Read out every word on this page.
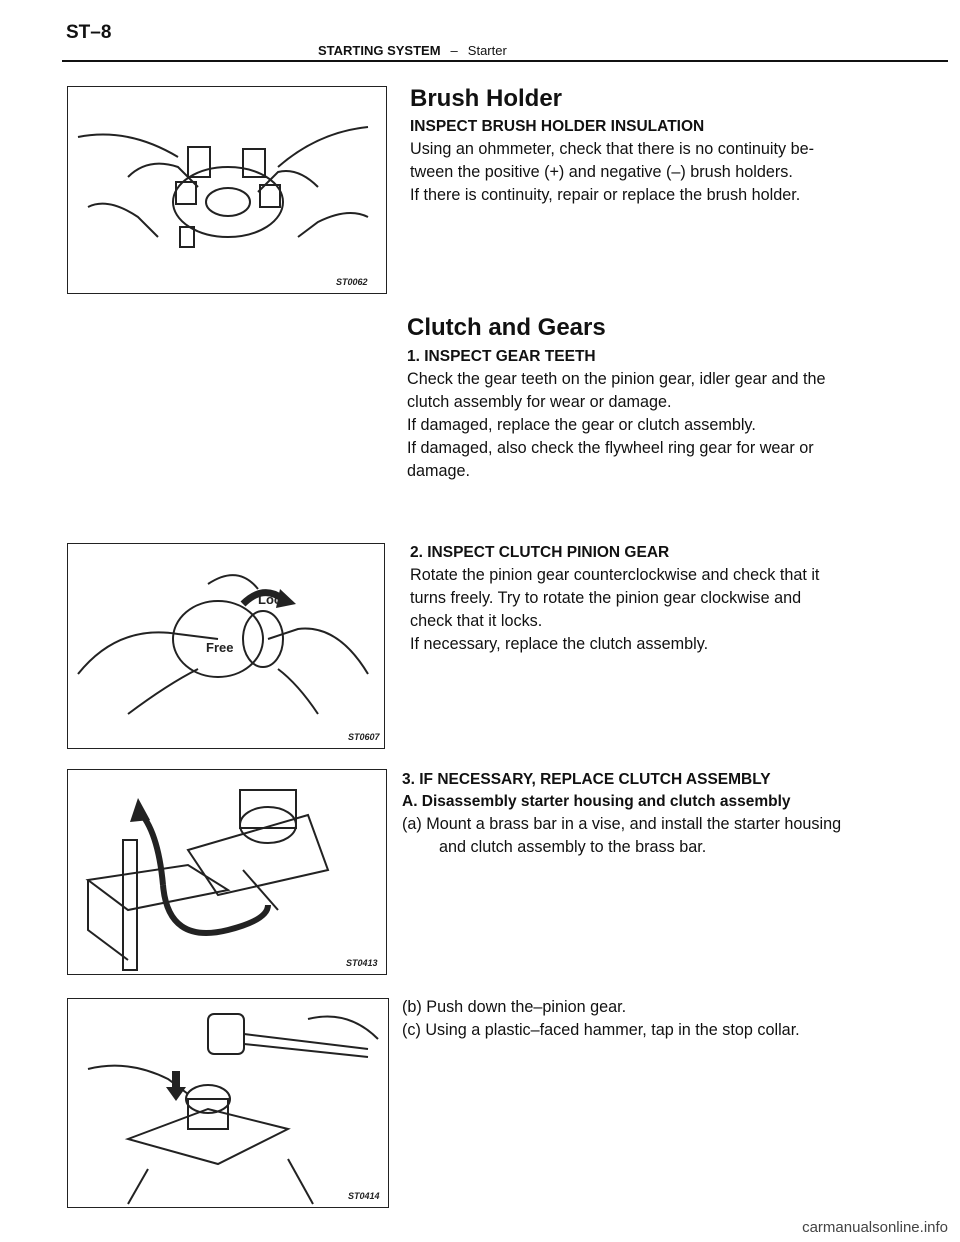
ST–8
STARTING SYSTEM – Starter
ST0062
Brush Holder
INSPECT BRUSH HOLDER INSULATION

Using an ohmmeter, check that there is no continuity be-

tween the positive (+) and negative (–) brush holders.

If there is continuity, repair or replace the brush holder.

Clutch and Gears
1. INSPECT GEAR TEETH

Check the gear teeth on the pinion gear, idler gear and the

clutch assembly for wear or damage.

If damaged, replace the gear or clutch assembly.

If damaged, also check the flywheel ring gear for wear or

damage.

Lock
Free
ST0607
2. INSPECT CLUTCH PINION GEAR

Rotate the pinion gear counterclockwise and check that it

turns freely. Try to rotate the pinion gear clockwise and

check that it locks.

If necessary, replace the clutch assembly.

ST0413
3. IF NECESSARY, REPLACE CLUTCH ASSEMBLY
A. Disassembly starter housing and clutch assembly

(a) Mount a brass bar in a vise, and install the starter housing

and clutch assembly to the brass bar.

ST0414

(b) Push down the–pinion gear.

(c) Using a plastic–faced hammer, tap in the stop collar.

carmanualsonline.info
